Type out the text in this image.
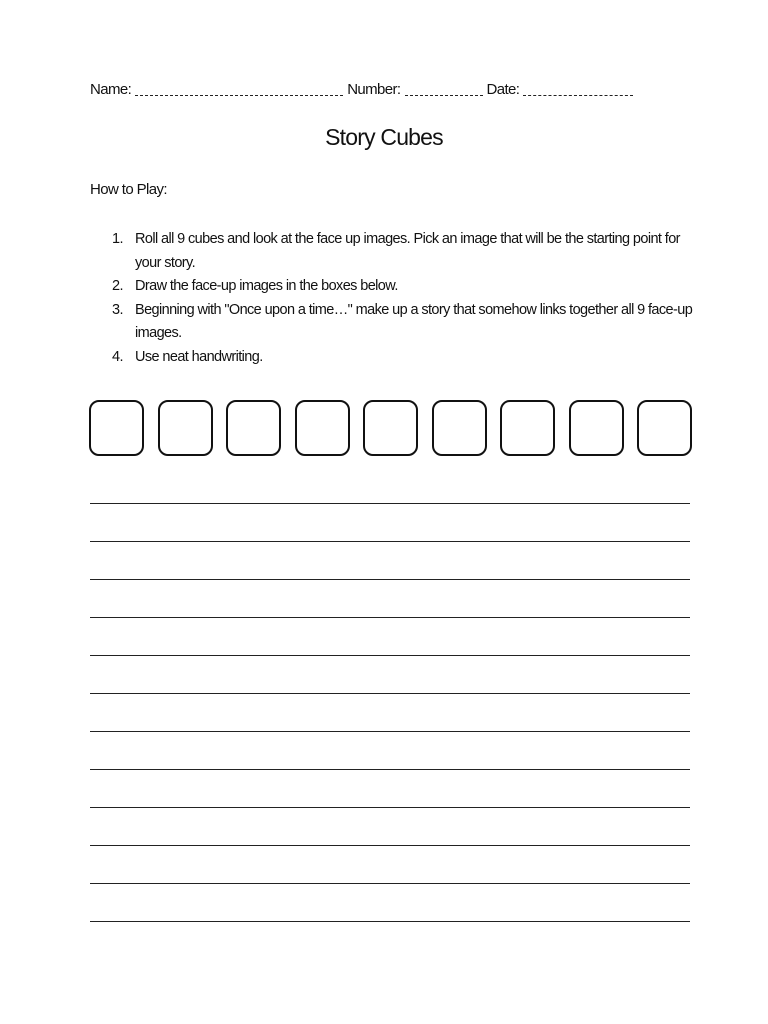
Name:	Number:	Date:
Story Cubes
How to Play:
1. Roll all 9 cubes and look at the face up images. Pick an image that will be the starting point for your story.
2. Draw the face-up images in the boxes below.
3. Beginning with "Once upon a time…" make up a story that somehow links together all 9 face-up images.
4. Use neat handwriting.
